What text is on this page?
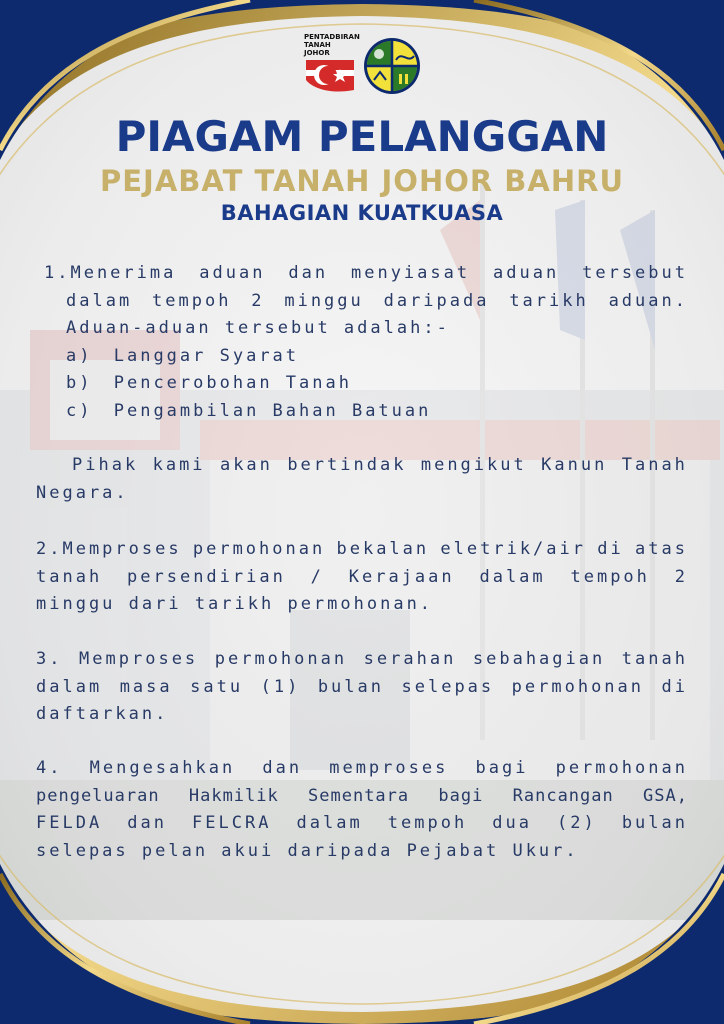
PENTADBIRAN
TANAH
JOHOR
PIAGAM PELANGGAN
PEJABAT TANAH JOHOR BAHRU
BAHAGIAN KUATKUASA
1.Menerima aduan dan menyiasat aduan tersebut
dalam tempoh 2 minggu daripada tarikh aduan.
Aduan-aduan tersebut adalah:-
a) Langgar Syarat
b) Pencerobohan Tanah
c) Pengambilan Bahan Batuan
Pihak kami akan bertindak mengikut Kanun Tanah
Negara.
2.Memproses permohonan bekalan eletrik/air di atas
tanah persendirian / Kerajaan dalam tempoh 2
minggu dari tarikh permohonan.
3. Memproses permohonan serahan sebahagian tanah
dalam masa satu (1) bulan selepas permohonan di
daftarkan.
4. Mengesahkan dan memproses bagi permohonan
pengeluaran Hakmilik Sementara bagi Rancangan GSA,
FELDA dan FELCRA dalam tempoh dua (2) bulan
selepas pelan akui daripada Pejabat Ukur.
